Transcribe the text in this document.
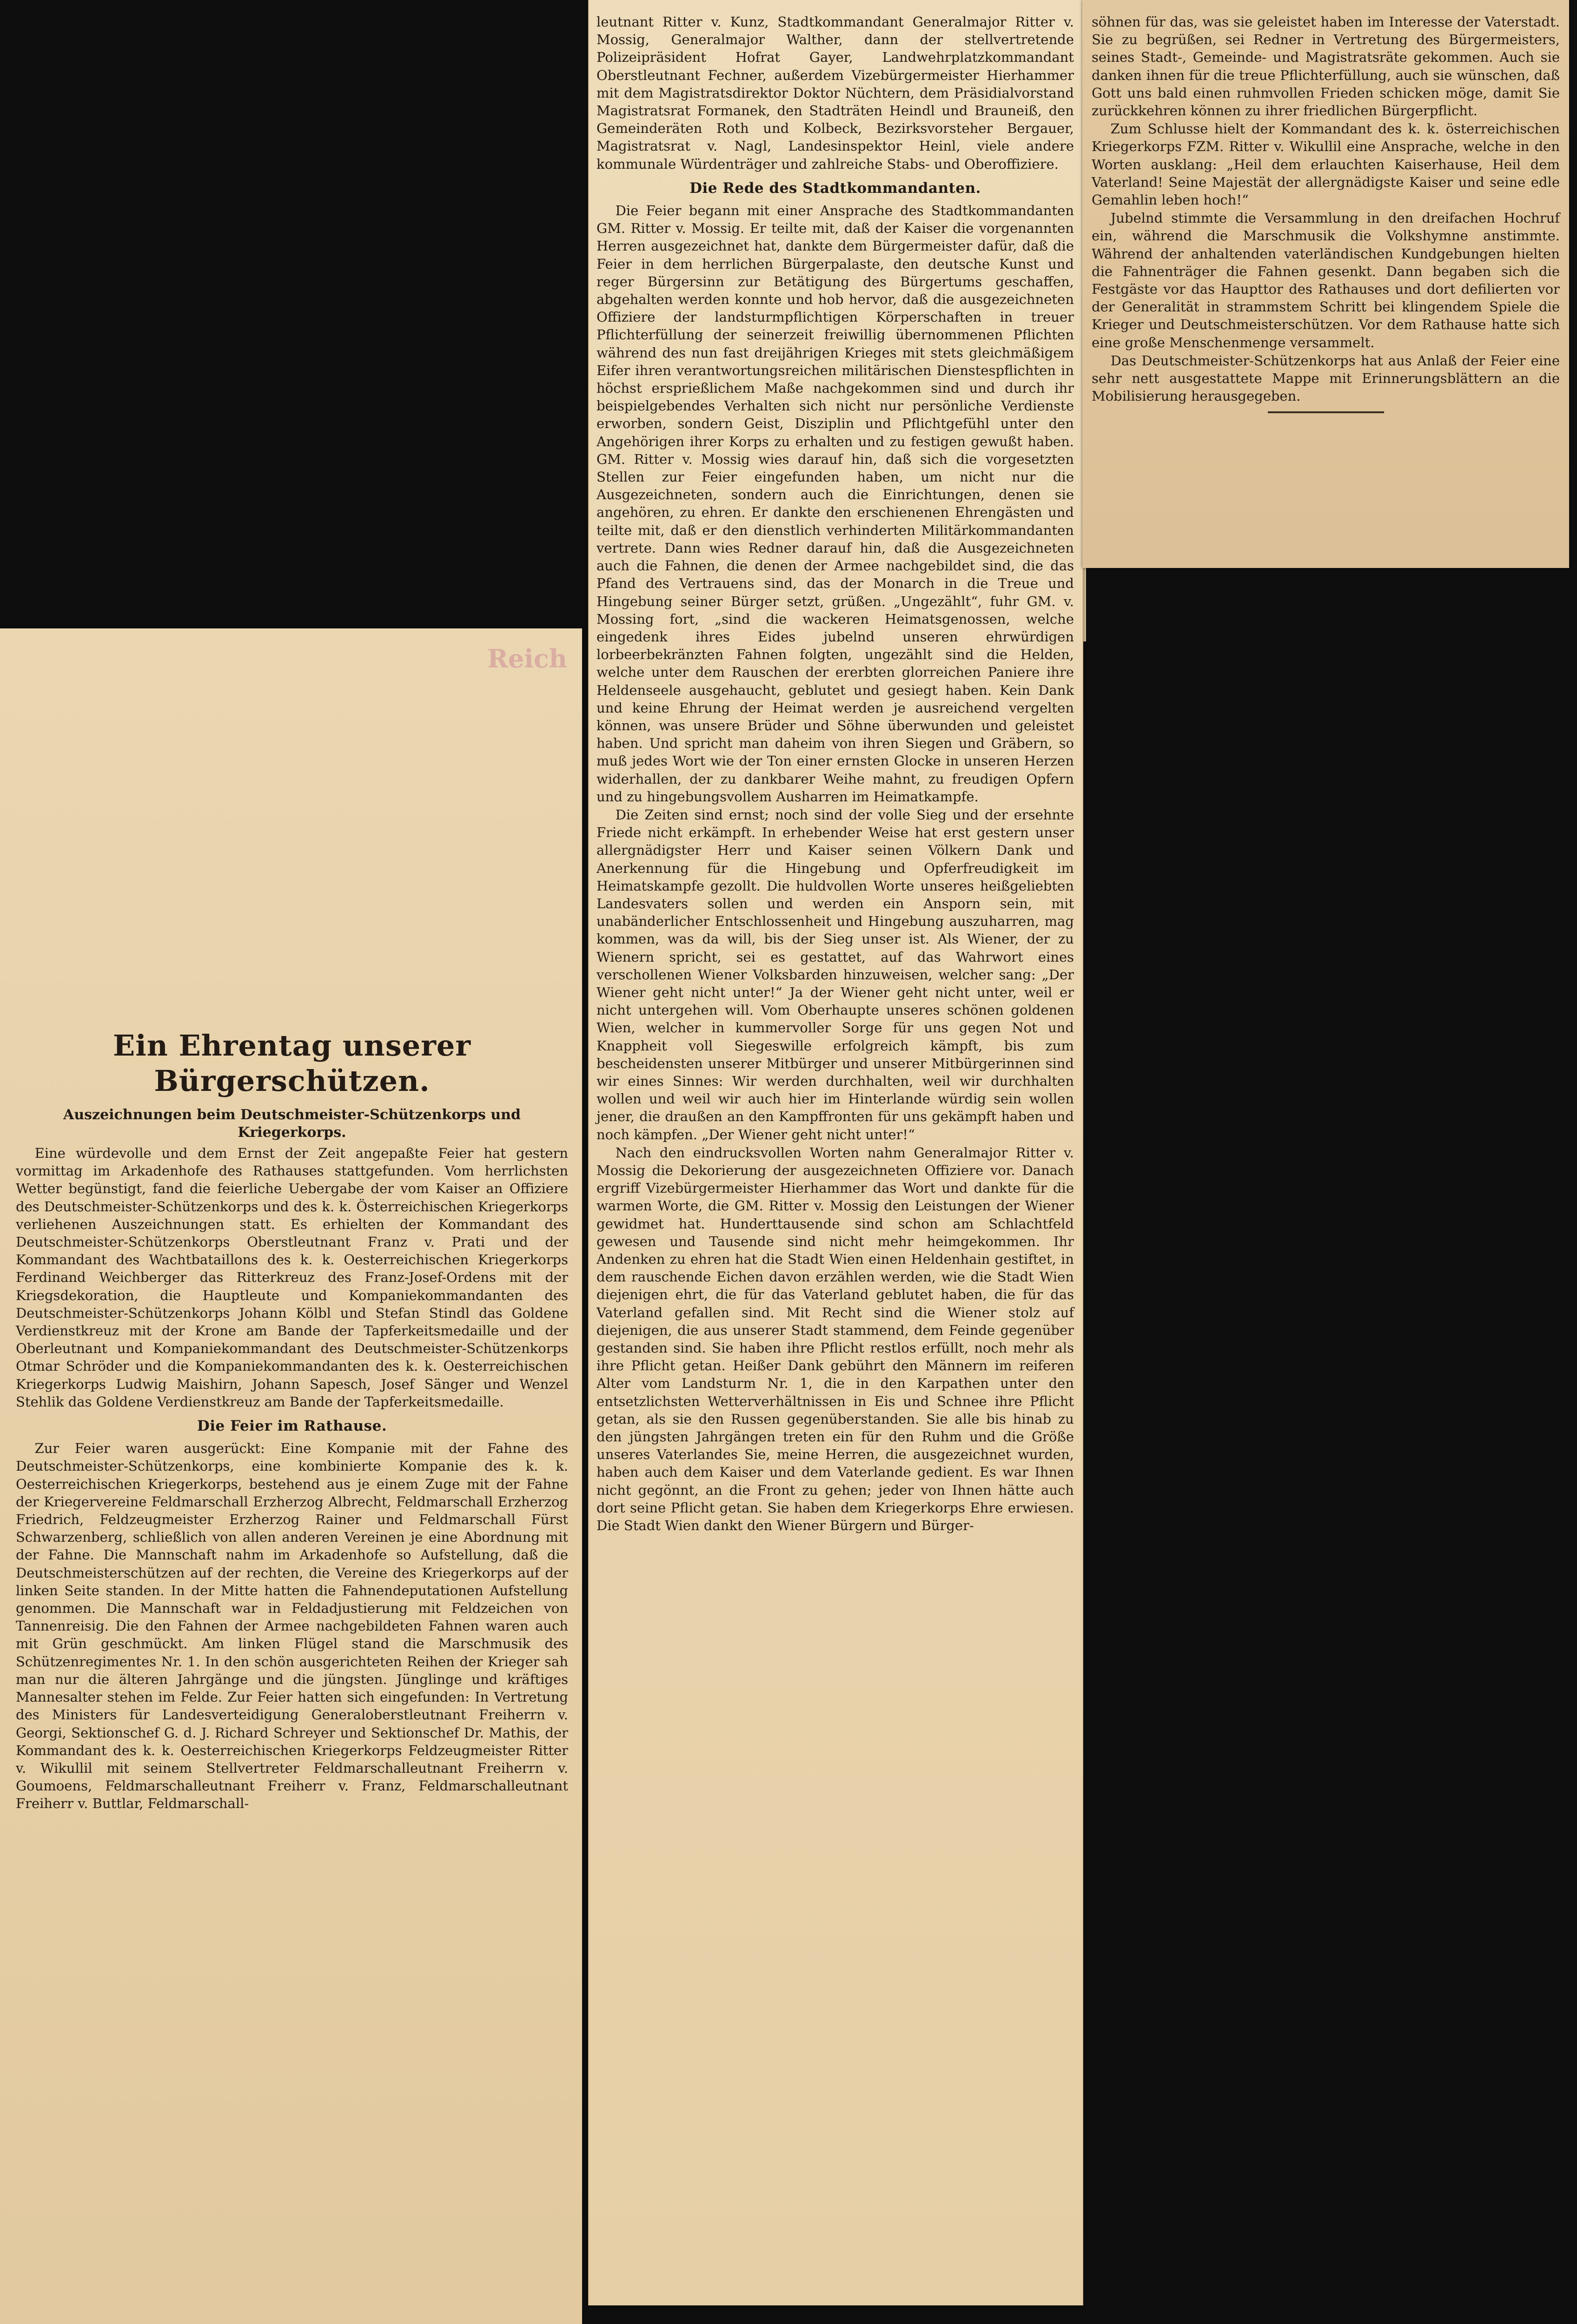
Ein Ehrentag unserer Bürgerschützen.
Auszeichnungen beim Deutschmeister-Schützenkorps und Kriegerkorps.

Eine würdevolle und dem Ernst der Zeit angepaßte Feier hat gestern vormittag im Arkadenhofe des Rathauses stattgefunden. Vom herrlichsten Wetter begünstigt, fand die feierliche Uebergabe der vom Kaiser an Offiziere des Deutschmeister-Schützenkorps und des k. k. Österreichischen Kriegerkorps verliehenen Auszeichnungen statt. Es erhielten der Kommandant des Deutschmeister-Schützenkorps Oberstleutnant Franz v. Prati und der Kommandant des Wachtbataillons des k. k. Oesterreichischen Kriegerkorps Ferdinand Weichberger das Ritterkreuz des Franz-Josef-Ordens mit der Kriegsdekoration, die Hauptleute und Kompaniekommandanten des Deutschmeister-Schützenkorps Johann Kölbl und Stefan Stindl das Goldene Verdienstkreuz mit der Krone am Bande der Tapferkeitsmedaille und der Oberleutnant und Kompaniekommandant des Deutschmeister-Schützenkorps Otmar Schröder und die Kompaniekommandanten des k. k. Oesterreichischen Kriegerkorps Ludwig Maishirn, Johann Sapesch, Josef Sänger und Wenzel Stehlik das Goldene Verdienstkreuz am Bande der Tapferkeitsmedaille.

Die Feier im Rathause.

Zur Feier waren ausgerückt: Eine Kompanie mit der Fahne des Deutschmeister-Schützenkorps, eine kombinierte Kompanie des k. k. Oesterreichischen Kriegerkorps, bestehend aus je einem Zuge mit der Fahne der Kriegervereine Feldmarschall Erzherzog Albrecht, Feldmarschall Erzherzog Friedrich, Feldzeugmeister Erzherzog Rainer und Feldmarschall Fürst Schwarzenberg, schließlich von allen anderen Vereinen je eine Abordnung mit der Fahne. Die Mannschaft nahm im Arkadenhofe so Aufstellung, daß die Deutschmeisterschützen auf der rechten, die Vereine des Kriegerkorps auf der linken Seite standen. In der Mitte hatten die Fahnendeputationen Aufstellung genommen. Die Mannschaft war in Feldadjustierung mit Feldzeichen von Tannenreisig. Die den Fahnen der Armee nachgebildeten Fahnen waren auch mit Grün geschmückt. Am linken Flügel stand die Marschmusik des Schützenregimentes Nr. 1. In den schön ausgerichteten Reihen der Krieger sah man nur die älteren Jahrgänge und die jüngsten. Jünglinge und kräftiges Mannesalter stehen im Felde. Zur Feier hatten sich eingefunden: In Vertretung des Ministers für Landesverteidigung Generaloberstleutnant Freiherrn v. Georgi, Sektionschef G. d. J. Richard Schreyer und Sektionschef Dr. Mathis, der Kommandant des k. k. Oesterreichischen Kriegerkorps Feldzeugmeister Ritter v. Wikullil mit seinem Stellvertreter Feldmarschalleutnant Freiherrn v. Goumoens, Feldmarschalleutnant Freiherr v. Franz, Feldmarschalleutnant Freiherr v. Buttlar, Feldmarschall-

Reich

leutnant Ritter v. Kunz, Stadtkommandant Generalmajor Ritter v. Mossig, Generalmajor Walther, dann der stellvertretende Polizeipräsident Hofrat Gayer, Landwehrplatzkommandant Oberstleutnant Fechner, außerdem Vizebürgermeister Hierhammer mit dem Magistratsdirektor Doktor Nüchtern, dem Präsidialvorstand Magistratsrat Formanek, den Stadträten Heindl und Brauneiß, den Gemeinderäten Roth und Kolbeck, Bezirksvorsteher Bergauer, Magistratsrat v. Nagl, Landesinspektor Heinl, viele andere kommunale Würdenträger und zahlreiche Stabs- und Oberoffiziere.

Die Rede des Stadtkommandanten.

Die Feier begann mit einer Ansprache des Stadtkommandanten GM. Ritter v. Mossig. Er teilte mit, daß der Kaiser die vorgenannten Herren ausgezeichnet hat, dankte dem Bürgermeister dafür, daß die Feier in dem herrlichen Bürgerpalaste, den deutsche Kunst und reger Bürgersinn zur Betätigung des Bürgertums geschaffen, abgehalten werden konnte und hob hervor, daß die ausgezeichneten Offiziere der landsturmpflichtigen Körperschaften in treuer Pflichterfüllung der seinerzeit freiwillig übernommenen Pflichten während des nun fast dreijährigen Krieges mit stets gleichmäßigem Eifer ihren verantwortungsreichen militärischen Dienstespflichten in höchst ersprießlichem Maße nachgekommen sind und durch ihr beispielgebendes Verhalten sich nicht nur persönliche Verdienste erworben, sondern Geist, Disziplin und Pflichtgefühl unter den Angehörigen ihrer Korps zu erhalten und zu festigen gewußt haben. GM. Ritter v. Mossig wies darauf hin, daß sich die vorgesetzten Stellen zur Feier eingefunden haben, um nicht nur die Ausgezeichneten, sondern auch die Einrichtungen, denen sie angehören, zu ehren. Er dankte den erschienenen Ehrengästen und teilte mit, daß er den dienstlich verhinderten Militärkommandanten vertrete. Dann wies Redner darauf hin, daß die Ausgezeichneten auch die Fahnen, die denen der Armee nachgebildet sind, die das Pfand des Vertrauens sind, das der Monarch in die Treue und Hingebung seiner Bürger setzt, grüßen. „Ungezählt“, fuhr GM. v. Mossing fort, „sind die wackeren Heimatsgenossen, welche eingedenk ihres Eides jubelnd unseren ehrwürdigen lorbeerbekränzten Fahnen folgten, ungezählt sind die Helden, welche unter dem Rauschen der ererbten glorreichen Paniere ihre Heldenseele ausgehaucht, geblutet und gesiegt haben. Kein Dank und keine Ehrung der Heimat werden je ausreichend vergelten können, was unsere Brüder und Söhne überwunden und geleistet haben. Und spricht man daheim von ihren Siegen und Gräbern, so muß jedes Wort wie der Ton einer ernsten Glocke in unseren Herzen widerhallen, der zu dankbarer Weihe mahnt, zu freudigen Opfern und zu hingebungsvollem Ausharren im Heimatkampfe.

Die Zeiten sind ernst; noch sind der volle Sieg und der ersehnte Friede nicht erkämpft. In erhebender Weise hat erst gestern unser allergnädigster Herr und Kaiser seinen Völkern Dank und Anerkennung für die Hingebung und Opferfreudigkeit im Heimatskampfe gezollt. Die huldvollen Worte unseres heißgeliebten Landesvaters sollen und werden ein Ansporn sein, mit unabänderlicher Entschlossenheit und Hingebung auszuharren, mag kommen, was da will, bis der Sieg unser ist. Als Wiener, der zu Wienern spricht, sei es gestattet, auf das Wahrwort eines verschollenen Wiener Volksbarden hinzuweisen, welcher sang: „Der Wiener geht nicht unter!“ Ja der Wiener geht nicht unter, weil er nicht untergehen will. Vom Oberhaupte unseres schönen goldenen Wien, welcher in kummervoller Sorge für uns gegen Not und Knappheit voll Siegeswille erfolgreich kämpft, bis zum bescheidensten unserer Mitbürger und unserer Mitbürgerinnen sind wir eines Sinnes: Wir werden durchhalten, weil wir durchhalten wollen und weil wir auch hier im Hinterlande würdig sein wollen jener, die draußen an den Kampffronten für uns gekämpft haben und noch kämpfen. „Der Wiener geht nicht unter!“

Nach den eindrucksvollen Worten nahm Generalmajor Ritter v. Mossig die Dekorierung der ausgezeichneten Offiziere vor. Danach ergriff Vizebürgermeister Hierhammer das Wort und dankte für die warmen Worte, die GM. Ritter v. Mossig den Leistungen der Wiener gewidmet hat. Hunderttausende sind schon am Schlachtfeld gewesen und Tausende sind nicht mehr heimgekommen. Ihr Andenken zu ehren hat die Stadt Wien einen Heldenhain gestiftet, in dem rauschende Eichen davon erzählen werden, wie die Stadt Wien diejenigen ehrt, die für das Vaterland geblutet haben, die für das Vaterland gefallen sind. Mit Recht sind die Wiener stolz auf diejenigen, die aus unserer Stadt stammend, dem Feinde gegenüber gestanden sind. Sie haben ihre Pflicht restlos erfüllt, noch mehr als ihre Pflicht getan. Heißer Dank gebührt den Männern im reiferen Alter vom Landsturm Nr. 1, die in den Karpathen unter den entsetzlichsten Wetterverhältnissen in Eis und Schnee ihre Pflicht getan, als sie den Russen gegenüberstanden. Sie alle bis hinab zu den jüngsten Jahrgängen treten ein für den Ruhm und die Größe unseres Vaterlandes Sie, meine Herren, die ausgezeichnet wurden, haben auch dem Kaiser und dem Vaterlande gedient. Es war Ihnen nicht gegönnt, an die Front zu gehen; jeder von Ihnen hätte auch dort seine Pflicht getan. Sie haben dem Kriegerkorps Ehre erwiesen. Die Stadt Wien dankt den Wiener Bürgern und Bürger-

söhnen für das, was sie geleistet haben im Interesse der Vaterstadt. Sie zu begrüßen, sei Redner in Vertretung des Bürgermeisters, seines Stadt-, Gemeinde- und Magistratsräte gekommen. Auch sie danken ihnen für die treue Pflichterfüllung, auch sie wünschen, daß Gott uns bald einen ruhmvollen Frieden schicken möge, damit Sie zurückkehren können zu ihrer friedlichen Bürgerpflicht.

Zum Schlusse hielt der Kommandant des k. k. österreichischen Kriegerkorps FZM. Ritter v. Wikullil eine Ansprache, welche in den Worten ausklang: „Heil dem erlauchten Kaiserhause, Heil dem Vaterland! Seine Majestät der allergnädigste Kaiser und seine edle Gemahlin leben hoch!“

Jubelnd stimmte die Versammlung in den dreifachen Hochruf ein, während die Marschmusik die Volkshymne anstimmte. Während der anhaltenden vaterländischen Kundgebungen hielten die Fahnenträger die Fahnen gesenkt. Dann begaben sich die Festgäste vor das Haupttor des Rathauses und dort defilierten vor der Generalität in strammstem Schritt bei klingendem Spiele die Krieger und Deutschmeisterschützen. Vor dem Rathause hatte sich eine große Menschenmenge versammelt.

Das Deutschmeister-Schützenkorps hat aus Anlaß der Feier eine sehr nett ausgestattete Mappe mit Erinnerungsblättern an die Mobilisierung herausgegeben.
